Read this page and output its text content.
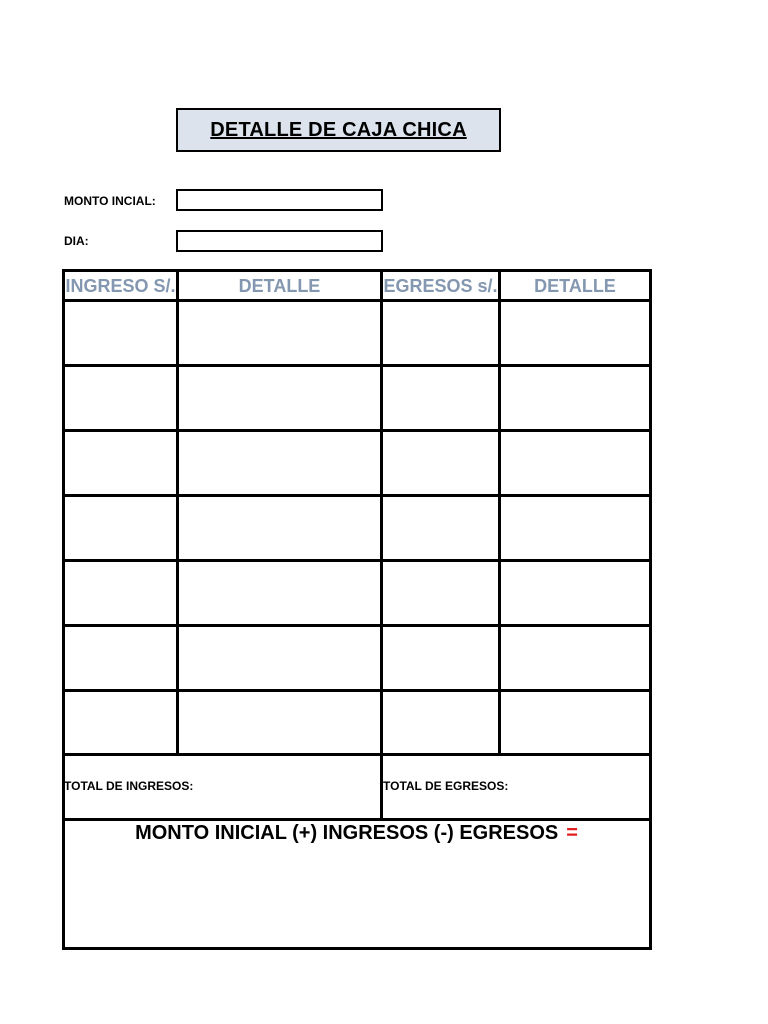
DETALLE DE CAJA CHICA
MONTO INCIAL:
DIA:
INGRESO S/.	DETALLE	EGRESOS s/.	DETALLE
TOTAL DE INGRESOS:	TOTAL DE EGRESOS:
MONTO INICIAL (+) INGRESOS (-) EGRESOS =
